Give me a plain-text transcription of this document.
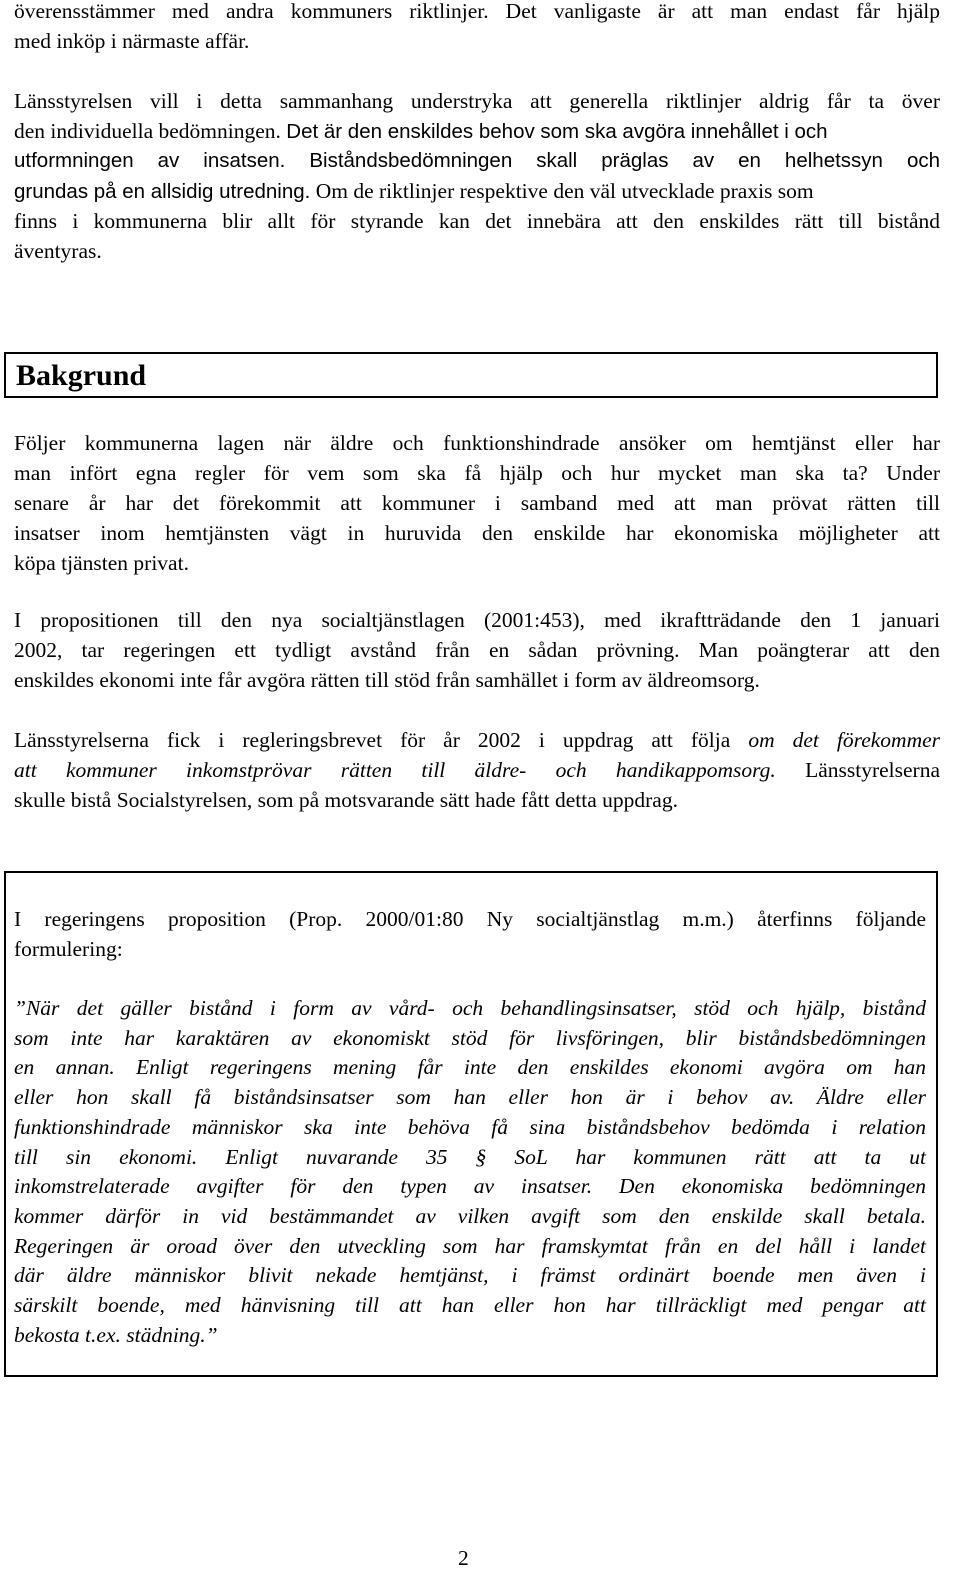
överensstämmer med andra kommuners riktlinjer. Det vanligaste är att man endast får hjälp
med inköp i närmaste affär.
Länsstyrelsen vill i detta sammanhang understryka att generella riktlinjer aldrig får ta över
den individuella bedömningen. Det är den enskildes behov som ska avgöra innehållet i och
utformningen av insatsen. Biståndsbedömningen skall präglas av en helhetssyn och
grundas på en allsidig utredning. Om de riktlinjer respektive den väl utvecklade praxis som
finns i kommunerna blir allt för styrande kan det innebära att den enskildes rätt till bistånd
äventyras.
Bakgrund
Följer kommunerna lagen när äldre och funktionshindrade ansöker om hemtjänst eller har
man infört egna regler för vem som ska få hjälp och hur mycket man ska ta? Under
senare år har det förekommit att kommuner i samband med att man prövat rätten till
insatser inom hemtjänsten vägt in huruvida den enskilde har ekonomiska möjligheter att
köpa tjänsten privat.
I propositionen till den nya socialtjänstlagen (2001:453), med ikraftträdande den 1 januari
2002, tar regeringen ett tydligt avstånd från en sådan prövning. Man poängterar att den
enskildes ekonomi inte får avgöra rätten till stöd från samhället i form av äldreomsorg.
Länsstyrelserna fick i regleringsbrevet för år 2002 i uppdrag att följa om det förekommer
att kommuner inkomstprövar rätten till äldre- och handikappomsorg. Länsstyrelserna
skulle bistå Socialstyrelsen, som på motsvarande sätt hade fått detta uppdrag.
I regeringens proposition (Prop. 2000/01:80 Ny socialtjänstlag m.m.) återfinns följande
formulering:
”När det gäller bistånd i form av vård- och behandlingsinsatser, stöd och hjälp, bistånd
som inte har karaktären av ekonomiskt stöd för livsföringen, blir biståndsbedömningen
en annan. Enligt regeringens mening får inte den enskildes ekonomi avgöra om han
eller hon skall få biståndsinsatser som han eller hon är i behov av. Äldre eller
funktionshindrade människor ska inte behöva få sina biståndsbehov bedömda i relation
till sin ekonomi. Enligt nuvarande 35 § SoL har kommunen rätt att ta ut
inkomstrelaterade avgifter för den typen av insatser. Den ekonomiska bedömningen
kommer därför in vid bestämmandet av vilken avgift som den enskilde skall betala.
Regeringen är oroad över den utveckling som har framskymtat från en del håll i landet
där äldre människor blivit nekade hemtjänst, i främst ordinärt boende men även i
särskilt boende, med hänvisning till att han eller hon har tillräckligt med pengar att
bekosta t.ex. städning.”
2
